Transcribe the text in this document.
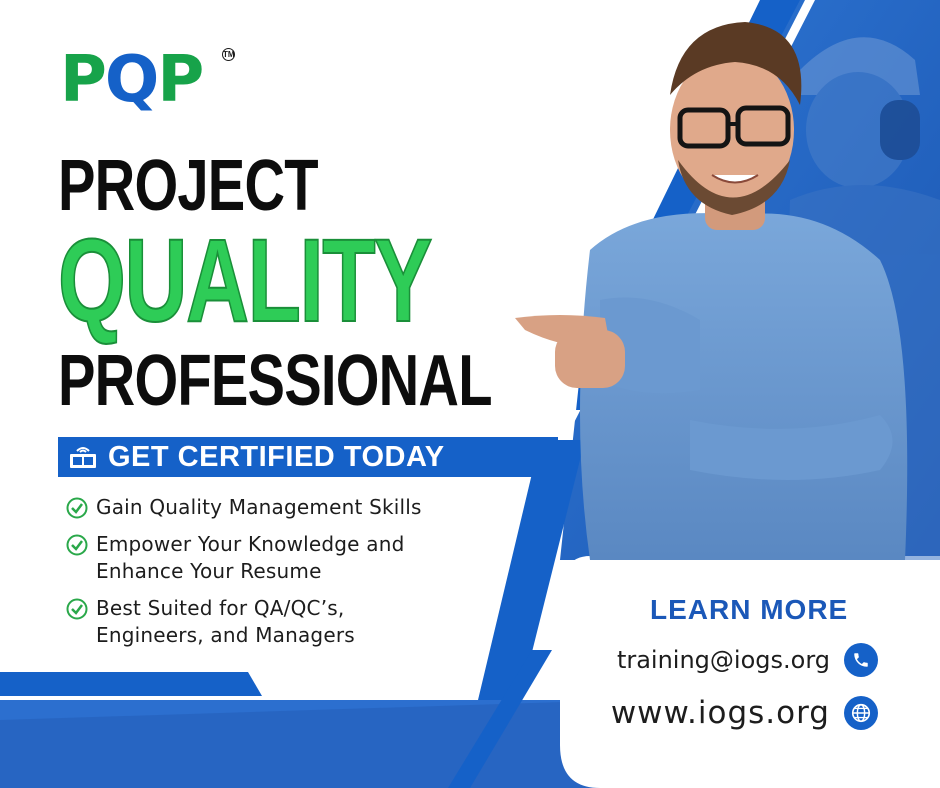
PQP	TM
PROJECT
QUALITY
PROFESSIONAL
GET CERTIFIED TODAY
Gain Quality Management Skills
Empower Your Knowledge and
Enhance Your Resume
Best Suited for QA/QC’s,
Engineers, and Managers
LEARN MORE
training@iogs.org
www.iogs.org
